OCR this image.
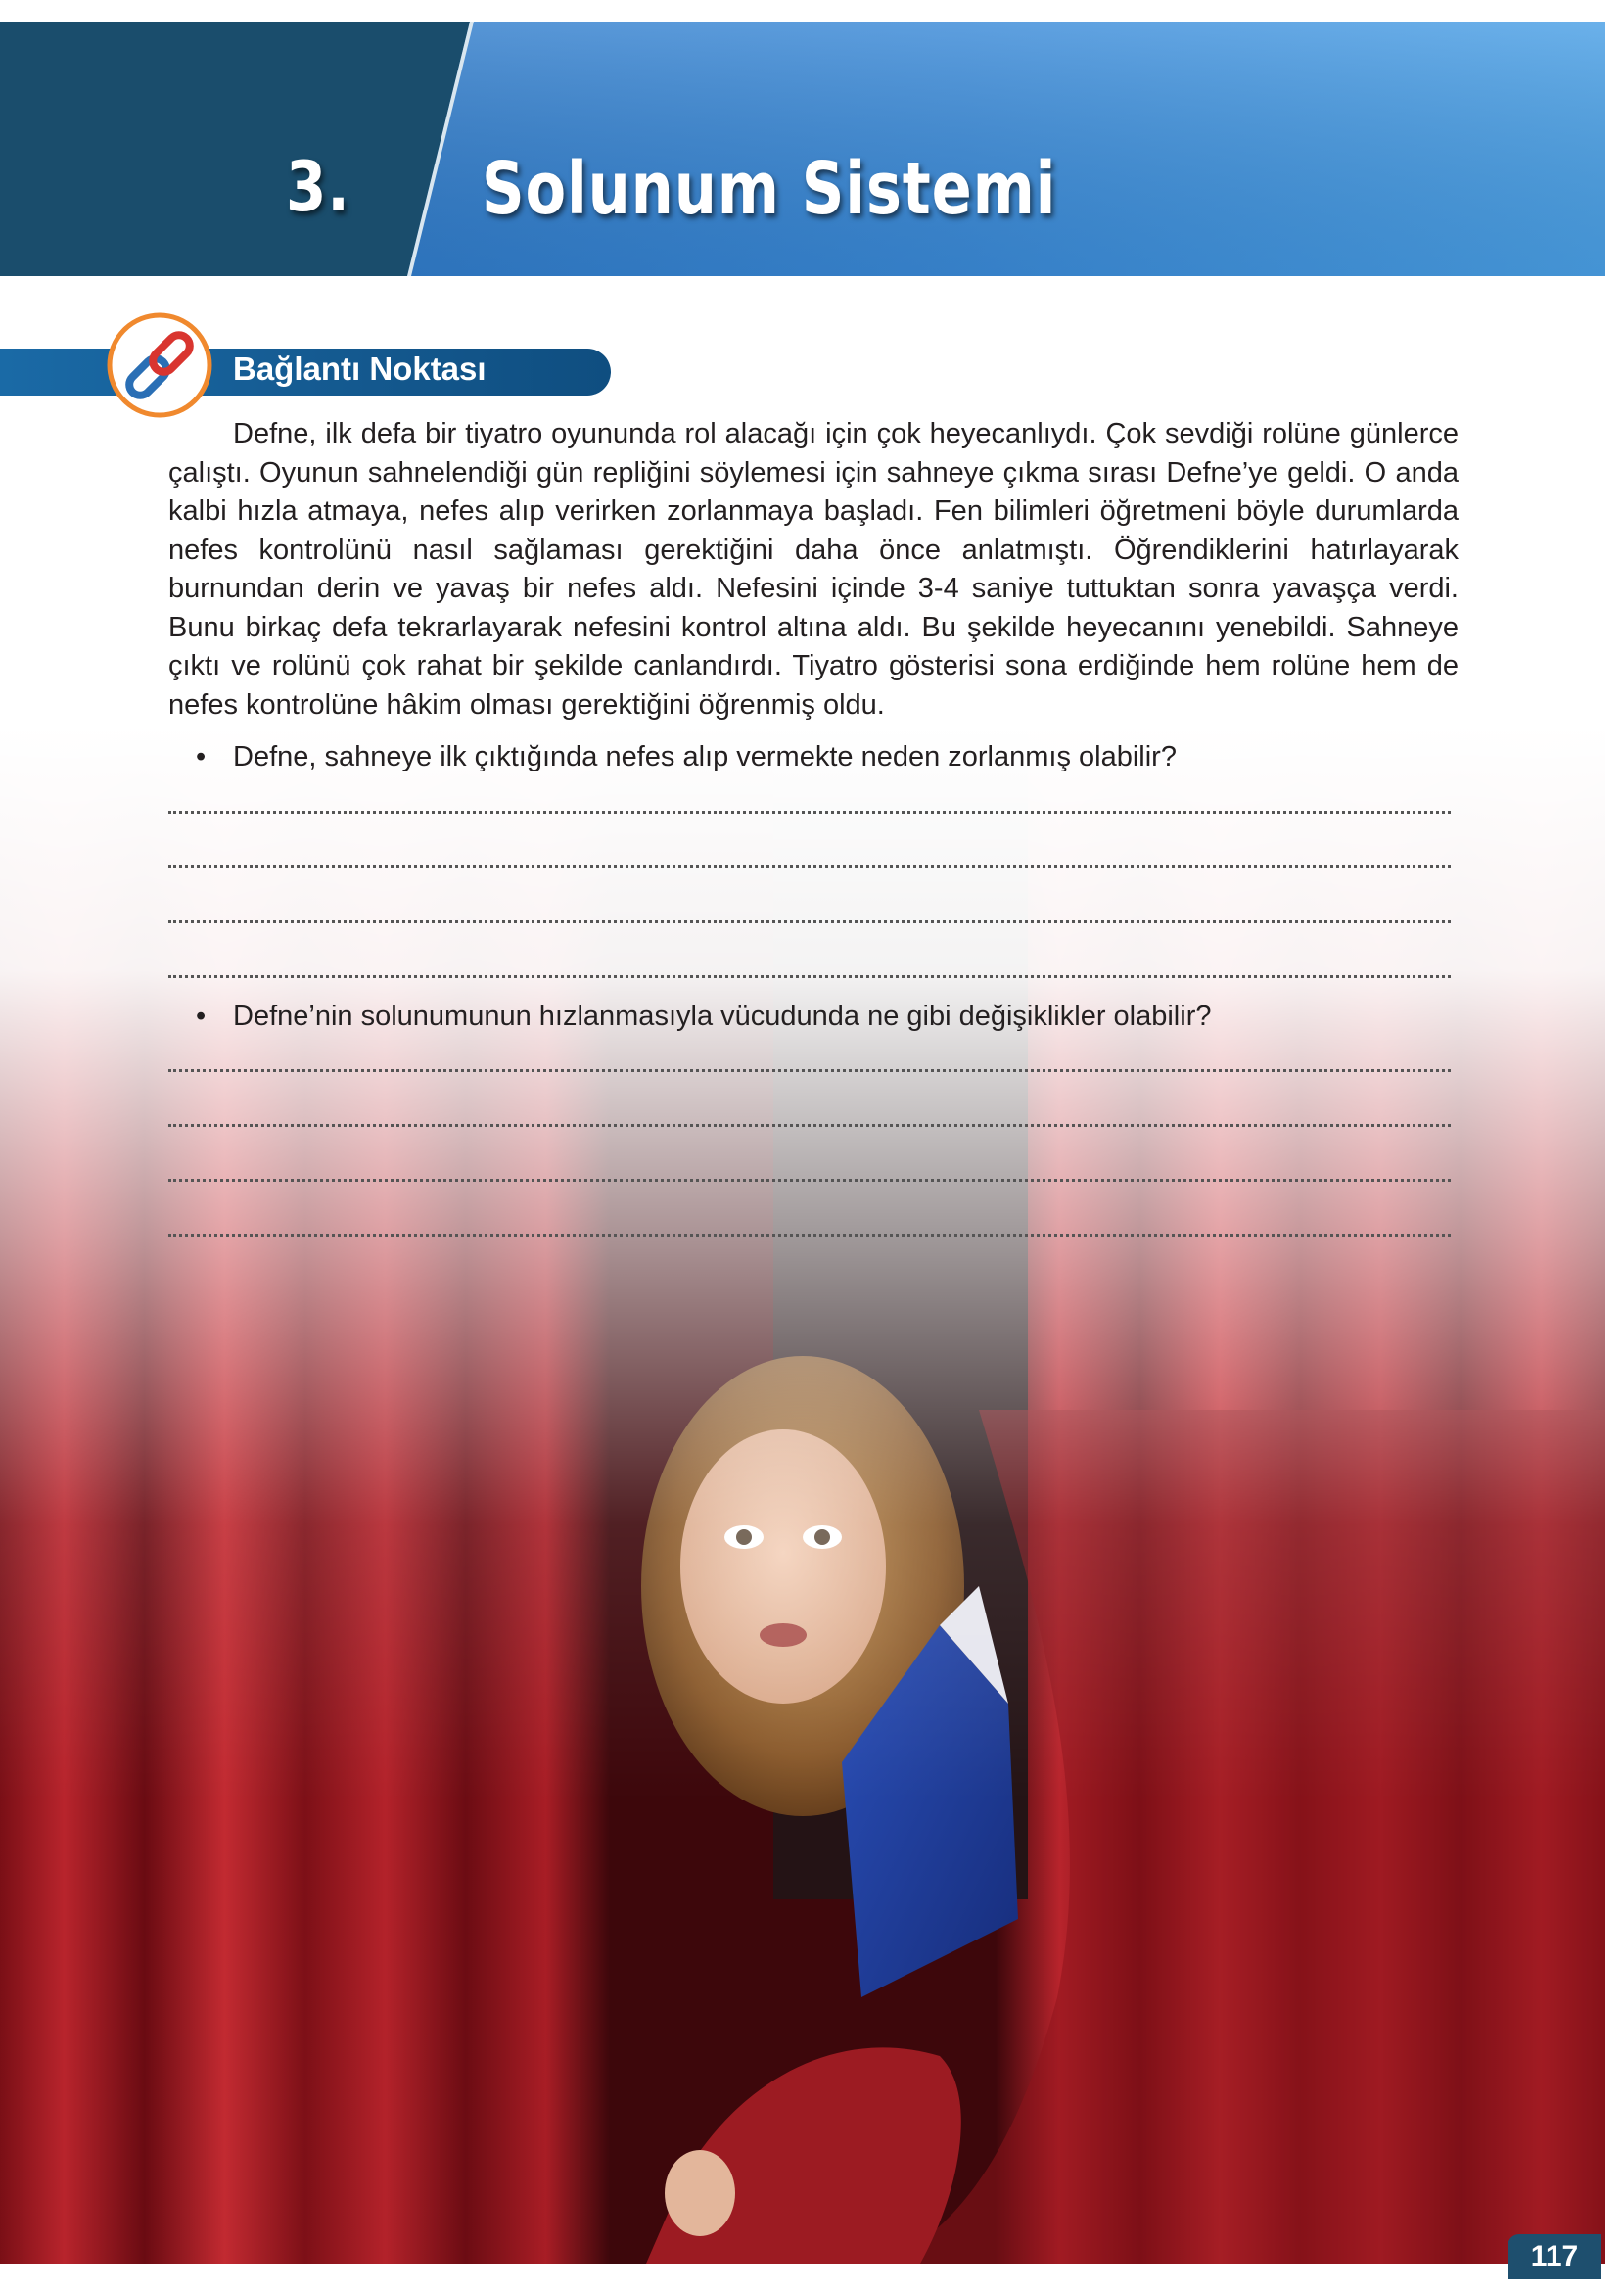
3. Solunum Sistemi
Bağlantı Noktası

Defne, ilk defa bir tiyatro oyununda rol alacağı için çok heyecanlıydı. Çok sevdiği rolüne günlerce çalıştı. Oyunun sahnelendiği gün repliğini söylemesi için sahneye çıkma sırası Defne’ye geldi. O anda kalbi hızla atmaya, nefes alıp verirken zorlanmaya başladı. Fen bilimleri öğretmeni böyle durumlarda nefes kontrolünü nasıl sağlaması gerektiğini daha önce anlatmıştı. Öğrendiklerini hatırlayarak burnundan derin ve yavaş bir nefes aldı. Nefesini içinde 3-4 saniye tuttuktan sonra yavaşça verdi. Bunu birkaç defa tekrarlayarak nefesini kontrol altına aldı. Bu şekilde heyecanını yenebildi. Sahneye çıktı ve rolünü çok rahat bir şekilde canlandırdı. Tiyatro gösterisi sona erdiğinde hem rolüne hem de nefes kontrolüne hâkim olması gerektiğini öğrenmiş oldu.

• Defne, sahneye ilk çıktığında nefes alıp vermekte neden zorlanmış olabilir?
• Defne’nin solunumunun hızlanmasıyla vücudunda ne gibi değişiklikler olabilir?
117
